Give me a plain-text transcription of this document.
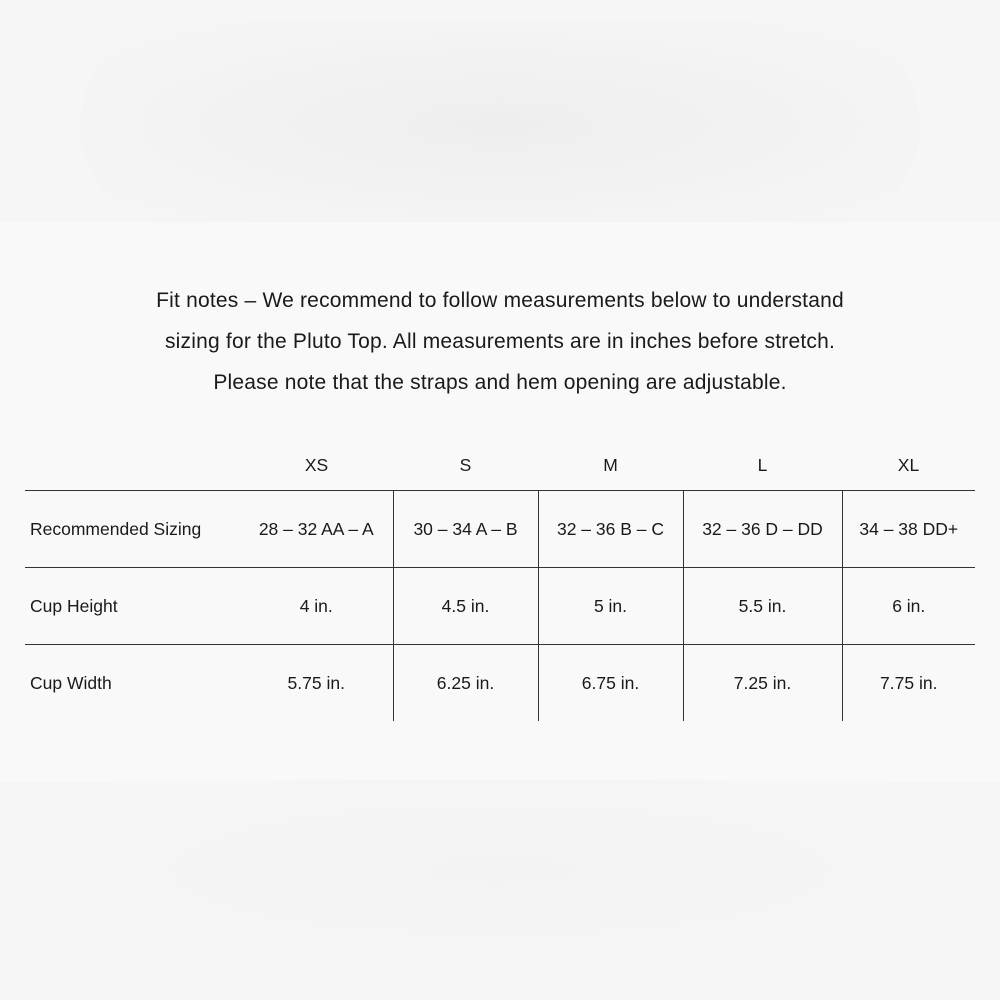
Fit notes – We recommend to follow measurements below to understand
sizing for the Pluto Top. All measurements are in inches before stretch.
Please note that the straps and hem opening are adjustable.

	XS	S	M	L	XL
Recommended Sizing	28 – 32 AA – A	30 – 34 A – B	32 – 36 B – C	32 – 36 D – DD	34 – 38 DD+
Cup Height	4 in.	4.5 in.	5 in.	5.5 in.	6 in.
Cup Width	5.75 in.	6.25 in.	6.75 in.	7.25 in.	7.75 in.
